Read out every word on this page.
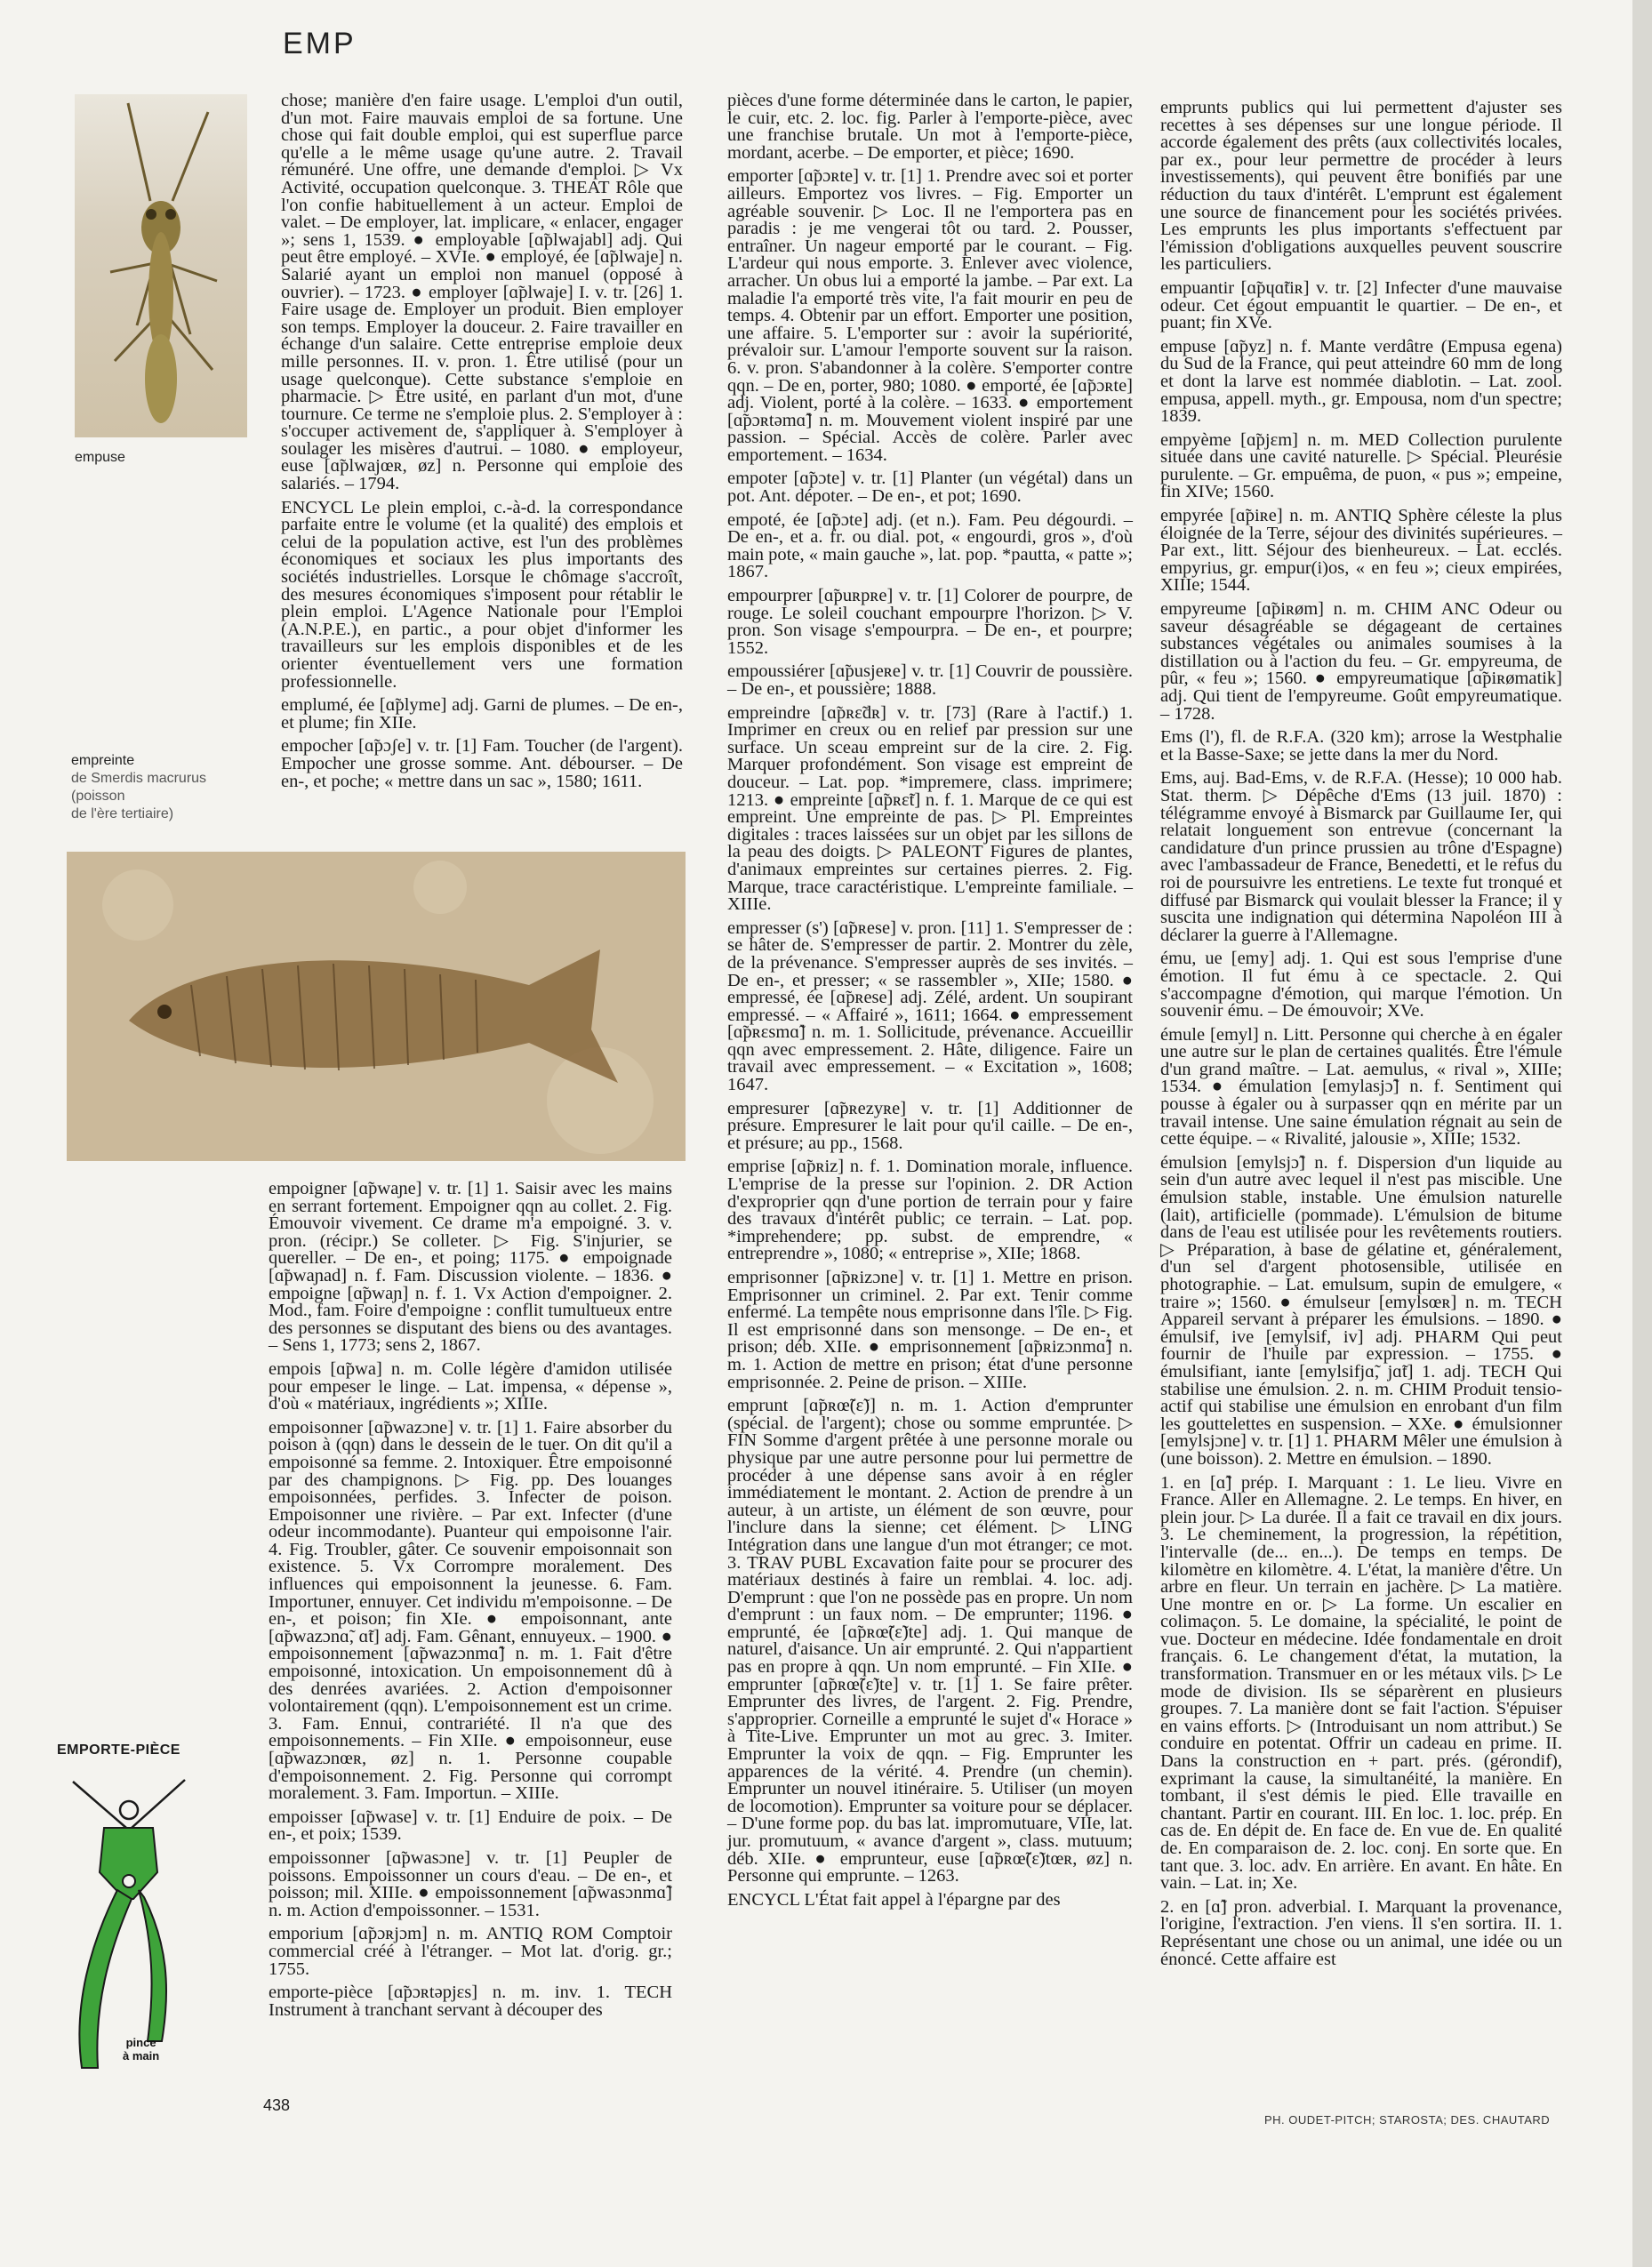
EMP
empuse
empreinte
de Smerdis macrurus
(poisson
de l'ère tertiaire)
EMPORTE-PIÈCE
pince
à main

chose; manière d'en faire usage. L'emploi d'un outil, d'un mot. Faire mauvais emploi de sa fortune. Une chose qui fait double emploi, qui est superflue parce qu'elle a le même usage qu'une autre. 2. Travail rémunéré. Une offre, une demande d'emploi. ▷ Vx Activité, occupation quelconque. 3. THEAT Rôle que l'on confie habituellement à un acteur. Emploi de valet. – De employer, lat. implicare, « enlacer, engager »; sens 1, 1539. ● employable [ɑ̃plwajabl] adj. Qui peut être employé. – XVIe. ● employé, ée [ɑ̃plwaje] n. Salarié ayant un emploi non manuel (opposé à ouvrier). – 1723. ● employer [ɑ̃plwaje] I. v. tr. [26] 1. Faire usage de. Employer un produit. Bien employer son temps. Employer la douceur. 2. Faire travailler en échange d'un salaire. Cette entreprise emploie deux mille personnes. II. v. pron. 1. Être utilisé (pour un usage quelconque). Cette substance s'emploie en pharmacie. ▷ Être usité, en parlant d'un mot, d'une tournure. Ce terme ne s'emploie plus. 2. S'employer à : s'occuper activement de, s'appliquer à. S'employer à soulager les misères d'autrui. – 1080. ● employeur, euse [ɑ̃plwajœʀ, øz] n. Personne qui emploie des salariés. – 1794.

ENCYCL Le plein emploi, c.-à-d. la correspondance parfaite entre le volume (et la qualité) des emplois et celui de la population active, est l'un des problèmes économiques et sociaux les plus importants des sociétés industrielles. Lorsque le chômage s'accroît, des mesures économiques s'imposent pour rétablir le plein emploi. L'Agence Nationale pour l'Emploi (A.N.P.E.), en partic., a pour objet d'informer les travailleurs sur les emplois disponibles et de les orienter éventuellement vers une formation professionnelle.

emplumé, ée [ɑ̃plyme] adj. Garni de plumes. – De en-, et plume; fin XIIe.

empocher [ɑ̃pɔʃe] v. tr. [1] Fam. Toucher (de l'argent). Empocher une grosse somme. Ant. débourser. – De en-, et poche; « mettre dans un sac », 1580; 1611.

empoigner [ɑ̃pwaɲe] v. tr. [1] 1. Saisir avec les mains en serrant fortement. Empoigner qqn au collet. 2. Fig. Émouvoir vivement. Ce drame m'a empoigné. 3. v. pron. (récipr.) Se colleter. ▷ Fig. S'injurier, se quereller. – De en-, et poing; 1175. ● empoignade [ɑ̃pwaɲad] n. f. Fam. Discussion violente. – 1836. ● empoigne [ɑ̃pwaɲ] n. f. 1. Vx Action d'empoigner. 2. Mod., fam. Foire d'empoigne : conflit tumultueux entre des personnes se disputant des biens ou des avantages. – Sens 1, 1773; sens 2, 1867.

empois [ɑ̃pwa] n. m. Colle légère d'amidon utilisée pour empeser le linge. – Lat. impensa, « dépense », d'où « matériaux, ingrédients »; XIIIe.

empoisonner [ɑ̃pwazɔne] v. tr. [1] 1. Faire absorber du poison à (qqn) dans le dessein de le tuer. On dit qu'il a empoisonné sa femme. 2. Intoxiquer. Être empoisonné par des champignons. ▷ Fig. pp. Des louanges empoisonnées, perfides. 3. Infecter de poison. Empoisonner une rivière. – Par ext. Infecter (d'une odeur incommodante). Puanteur qui empoisonne l'air. 4. Fig. Troubler, gâter. Ce souvenir empoisonnait son existence. 5. Vx Corrompre moralement. Des influences qui empoisonnent la jeunesse. 6. Fam. Importuner, ennuyer. Cet individu m'empoisonne. – De en-, et poison; fin XIe. ● empoisonnant, ante [ɑ̃pwazɔnɑ̃, ɑ̃t] adj. Fam. Gênant, ennuyeux. – 1900. ● empoisonnement [ɑ̃pwazɔnmɑ̃] n. m. 1. Fait d'être empoisonné, intoxication. Un empoisonnement dû à des denrées avariées. 2. Action d'empoisonner volontairement (qqn). L'empoisonnement est un crime. 3. Fam. Ennui, contrariété. Il n'a que des empoisonnements. – Fin XIIe. ● empoisonneur, euse [ɑ̃pwazɔnœʀ, øz] n. 1. Personne coupable d'empoisonnement. 2. Fig. Personne qui corrompt moralement. 3. Fam. Importun. – XIIIe.

empoisser [ɑ̃pwase] v. tr. [1] Enduire de poix. – De en-, et poix; 1539.

empoissonner [ɑ̃pwasɔne] v. tr. [1] Peupler de poissons. Empoissonner un cours d'eau. – De en-, et poisson; mil. XIIIe. ● empoissonnement [ɑ̃pwasɔnmɑ̃] n. m. Action d'empoissonner. – 1531.

emporium [ɑ̃pɔʀjɔm] n. m. ANTIQ ROM Comptoir commercial créé à l'étranger. – Mot lat. d'orig. gr.; 1755.

emporte-pièce [ɑ̃pɔʀtəpjɛs] n. m. inv. 1. TECH Instrument à tranchant servant à découper des

pièces d'une forme déterminée dans le carton, le papier, le cuir, etc. 2. loc. fig. Parler à l'emporte-pièce, avec une franchise brutale. Un mot à l'emporte-pièce, mordant, acerbe. – De emporter, et pièce; 1690.

emporter [ɑ̃pɔʀte] v. tr. [1] 1. Prendre avec soi et porter ailleurs. Emportez vos livres. – Fig. Emporter un agréable souvenir. ▷ Loc. Il ne l'emportera pas en paradis : je me vengerai tôt ou tard. 2. Pousser, entraîner. Un nageur emporté par le courant. – Fig. L'ardeur qui nous emporte. 3. Enlever avec violence, arracher. Un obus lui a emporté la jambe. – Par ext. La maladie l'a emporté très vite, l'a fait mourir en peu de temps. 4. Obtenir par un effort. Emporter une position, une affaire. 5. L'emporter sur : avoir la supériorité, prévaloir sur. L'amour l'emporte souvent sur la raison. 6. v. pron. S'abandonner à la colère. S'emporter contre qqn. – De en, porter, 980; 1080. ● emporté, ée [ɑ̃pɔʀte] adj. Violent, porté à la colère. – 1633. ● emportement [ɑ̃pɔʀtəmɑ̃] n. m. Mouvement violent inspiré par une passion. – Spécial. Accès de colère. Parler avec emportement. – 1634.

empoter [ɑ̃pɔte] v. tr. [1] Planter (un végétal) dans un pot. Ant. dépoter. – De en-, et pot; 1690.

empoté, ée [ɑ̃pɔte] adj. (et n.). Fam. Peu dégourdi. – De en-, et a. fr. ou dial. pot, « engourdi, gros », d'où main pote, « main gauche », lat. pop. *pautta, « patte »; 1867.

empourprer [ɑ̃puʀpʀe] v. tr. [1] Colorer de pourpre, de rouge. Le soleil couchant empourpre l'horizon. ▷ V. pron. Son visage s'empourpra. – De en-, et pourpre; 1552.

empoussiérer [ɑ̃pusjeʀe] v. tr. [1] Couvrir de poussière. – De en-, et poussière; 1888.

empreindre [ɑ̃pʀɛ̃dʀ] v. tr. [73] (Rare à l'actif.) 1. Imprimer en creux ou en relief par pression sur une surface. Un sceau empreint sur de la cire. 2. Fig. Marquer profondément. Son visage est empreint de douceur. – Lat. pop. *impremere, class. imprimere; 1213. ● empreinte [ɑ̃pʀɛ̃t] n. f. 1. Marque de ce qui est empreint. Une empreinte de pas. ▷ Pl. Empreintes digitales : traces laissées sur un objet par les sillons de la peau des doigts. ▷ PALEONT Figures de plantes, d'animaux empreintes sur certaines pierres. 2. Fig. Marque, trace caractéristique. L'empreinte familiale. – XIIIe.

empresser (s') [ɑ̃pʀese] v. pron. [11] 1. S'empresser de : se hâter de. S'empresser de partir. 2. Montrer du zèle, de la prévenance. S'empresser auprès de ses invités. – De en-, et presser; « se rassembler », XIIe; 1580. ● empressé, ée [ɑ̃pʀese] adj. Zélé, ardent. Un soupirant empressé. – « Affairé », 1611; 1664. ● empressement [ɑ̃pʀɛsmɑ̃] n. m. 1. Sollicitude, prévenance. Accueillir qqn avec empressement. 2. Hâte, diligence. Faire un travail avec empressement. – « Excitation », 1608; 1647.

empresurer [ɑ̃pʀezyʀe] v. tr. [1] Additionner de présure. Empresurer le lait pour qu'il caille. – De en-, et présure; au pp., 1568.

emprise [ɑ̃pʀiz] n. f. 1. Domination morale, influence. L'emprise de la presse sur l'opinion. 2. DR Action d'exproprier qqn d'une portion de terrain pour y faire des travaux d'intérêt public; ce terrain. – Lat. pop. *imprehendere; pp. subst. de emprendre, « entreprendre », 1080; « entreprise », XIIe; 1868.

emprisonner [ɑ̃pʀizɔne] v. tr. [1] 1. Mettre en prison. Emprisonner un criminel. 2. Par ext. Tenir comme enfermé. La tempête nous emprisonne dans l'île. ▷ Fig. Il est emprisonné dans son mensonge. – De en-, et prison; déb. XIIe. ● emprisonnement [ɑ̃pʀizɔnmɑ̃] n. m. 1. Action de mettre en prison; état d'une personne emprisonnée. 2. Peine de prison. – XIIIe.

emprunt [ɑ̃pʀœ̃(ɛ̃)] n. m. 1. Action d'emprunter (spécial. de l'argent); chose ou somme empruntée. ▷ FIN Somme d'argent prêtée à une personne morale ou physique par une autre personne pour lui permettre de procéder à une dépense sans avoir à en régler immédiatement le montant. 2. Action de prendre à un auteur, à un artiste, un élément de son œuvre, pour l'inclure dans la sienne; cet élément. ▷ LING Intégration dans une langue d'un mot étranger; ce mot. 3. TRAV PUBL Excavation faite pour se procurer des matériaux destinés à faire un remblai. 4. loc. adj. D'emprunt : que l'on ne possède pas en propre. Un nom d'emprunt : un faux nom. – De emprunter; 1196. ● emprunté, ée [ɑ̃pʀœ̃(ɛ̃)te] adj. 1. Qui manque de naturel, d'aisance. Un air emprunté. 2. Qui n'appartient pas en propre à qqn. Un nom emprunté. – Fin XIIe. ● emprunter [ɑ̃pʀœ̃(ɛ̃)te] v. tr. [1] 1. Se faire prêter. Emprunter des livres, de l'argent. 2. Fig. Prendre, s'approprier. Corneille a emprunté le sujet d'« Horace » à Tite-Live. Emprunter un mot au grec. 3. Imiter. Emprunter la voix de qqn. – Fig. Emprunter les apparences de la vérité. 4. Prendre (un chemin). Emprunter un nouvel itinéraire. 5. Utiliser (un moyen de locomotion). Emprunter sa voiture pour se déplacer. – D'une forme pop. du bas lat. impromutuare, VIIe, lat. jur. promutuum, « avance d'argent », class. mutuum; déb. XIIe. ● emprunteur, euse [ɑ̃pʀœ̃(ɛ̃)tœʀ, øz] n. Personne qui emprunte. – 1263.

ENCYCL L'État fait appel à l'épargne par des

emprunts publics qui lui permettent d'ajuster ses recettes à ses dépenses sur une longue période. Il accorde également des prêts (aux collectivités locales, par ex., pour leur permettre de procéder à leurs investissements), qui peuvent être bonifiés par une réduction du taux d'intérêt. L'emprunt est également une source de financement pour les sociétés privées. Les emprunts les plus importants s'effectuent par l'émission d'obligations auxquelles peuvent souscrire les particuliers.

empuantir [ɑ̃pɥɑ̃tiʀ] v. tr. [2] Infecter d'une mauvaise odeur. Cet égout empuantit le quartier. – De en-, et puant; fin XVe.

empuse [ɑ̃pyz] n. f. Mante verdâtre (Empusa egena) du Sud de la France, qui peut atteindre 60 mm de long et dont la larve est nommée diablotin. – Lat. zool. empusa, appell. myth., gr. Empousa, nom d'un spectre; 1839.

empyème [ɑ̃pjɛm] n. m. MED Collection purulente située dans une cavité naturelle. ▷ Spécial. Pleurésie purulente. – Gr. empuêma, de puon, « pus »; empeine, fin XIVe; 1560.

empyrée [ɑ̃piʀe] n. m. ANTIQ Sphère céleste la plus éloignée de la Terre, séjour des divinités supérieures. – Par ext., litt. Séjour des bienheureux. – Lat. ecclés. empyrius, gr. empur(i)os, « en feu »; cieux empirées, XIIIe; 1544.

empyreume [ɑ̃piʀøm] n. m. CHIM ANC Odeur ou saveur désagréable se dégageant de certaines substances végétales ou animales soumises à la distillation ou à l'action du feu. – Gr. empyreuma, de pûr, « feu »; 1560. ● empyreumatique [ɑ̃piʀømatik] adj. Qui tient de l'empyreume. Goût empyreumatique. – 1728.

Ems (l'), fl. de R.F.A. (320 km); arrose la Westphalie et la Basse-Saxe; se jette dans la mer du Nord.

Ems, auj. Bad-Ems, v. de R.F.A. (Hesse); 10 000 hab. Stat. therm. ▷ Dépêche d'Ems (13 juil. 1870) : télégramme envoyé à Bismarck par Guillaume Ier, qui relatait longuement son entrevue (concernant la candidature d'un prince prussien au trône d'Espagne) avec l'ambassadeur de France, Benedetti, et le refus du roi de poursuivre les entretiens. Le texte fut tronqué et diffusé par Bismarck qui voulait blesser la France; il y suscita une indignation qui détermina Napoléon III à déclarer la guerre à l'Allemagne.

ému, ue [emy] adj. 1. Qui est sous l'emprise d'une émotion. Il fut ému à ce spectacle. 2. Qui s'accompagne d'émotion, qui marque l'émotion. Un souvenir ému. – De émouvoir; XVe.

émule [emyl] n. Litt. Personne qui cherche à en égaler une autre sur le plan de certaines qualités. Être l'émule d'un grand maître. – Lat. aemulus, « rival », XIIIe; 1534. ● émulation [emylasjɔ̃] n. f. Sentiment qui pousse à égaler ou à surpasser qqn en mérite par un travail intense. Une saine émulation régnait au sein de cette équipe. – « Rivalité, jalousie », XIIIe; 1532.

émulsion [emylsjɔ̃] n. f. Dispersion d'un liquide au sein d'un autre avec lequel il n'est pas miscible. Une émulsion stable, instable. Une émulsion naturelle (lait), artificielle (pommade). L'émulsion de bitume dans de l'eau est utilisée pour les revêtements routiers. ▷ Préparation, à base de gélatine et, généralement, d'un sel d'argent photosensible, utilisée en photographie. – Lat. emulsum, supin de emulgere, « traire »; 1560. ● émulseur [emylsœʀ] n. m. TECH Appareil servant à préparer les émulsions. – 1890. ● émulsif, ive [emylsif, iv] adj. PHARM Qui peut fournir de l'huile par expression. – 1755. ● émulsifiant, iante [emylsifjɑ̃, jɑ̃t] 1. adj. TECH Qui stabilise une émulsion. 2. n. m. CHIM Produit tensio-actif qui stabilise une émulsion en enrobant d'un film les gouttelettes en suspension. – XXe. ● émulsionner [emylsjɔne] v. tr. [1] 1. PHARM Mêler une émulsion à (une boisson). 2. Mettre en émulsion. – 1890.

1. en [ɑ̃] prép. I. Marquant : 1. Le lieu. Vivre en France. Aller en Allemagne. 2. Le temps. En hiver, en plein jour. ▷ La durée. Il a fait ce travail en dix jours. 3. Le cheminement, la progression, la répétition, l'intervalle (de... en...). De temps en temps. De kilomètre en kilomètre. 4. L'état, la manière d'être. Un arbre en fleur. Un terrain en jachère. ▷ La matière. Une montre en or. ▷ La forme. Un escalier en colimaçon. 5. Le domaine, la spécialité, le point de vue. Docteur en médecine. Idée fondamentale en droit français. 6. Le changement d'état, la mutation, la transformation. Transmuer en or les métaux vils. ▷ Le mode de division. Ils se séparèrent en plusieurs groupes. 7. La manière dont se fait l'action. S'épuiser en vains efforts. ▷ (Introduisant un nom attribut.) Se conduire en potentat. Offrir un cadeau en prime. II. Dans la construction en + part. prés. (gérondif), exprimant la cause, la simultanéité, la manière. En tombant, il s'est démis le pied. Elle travaille en chantant. Partir en courant. III. En loc. 1. loc. prép. En cas de. En dépit de. En face de. En vue de. En qualité de. En comparaison de. 2. loc. conj. En sorte que. En tant que. 3. loc. adv. En arrière. En avant. En hâte. En vain. – Lat. in; Xe.

2. en [ɑ̃] pron. adverbial. I. Marquant la provenance, l'origine, l'extraction. J'en viens. Il s'en sortira. II. 1. Représentant une chose ou un animal, une idée ou un énoncé. Cette affaire est

438
PH. OUDET-PITCH; STAROSTA; DES. CHAUTARD
